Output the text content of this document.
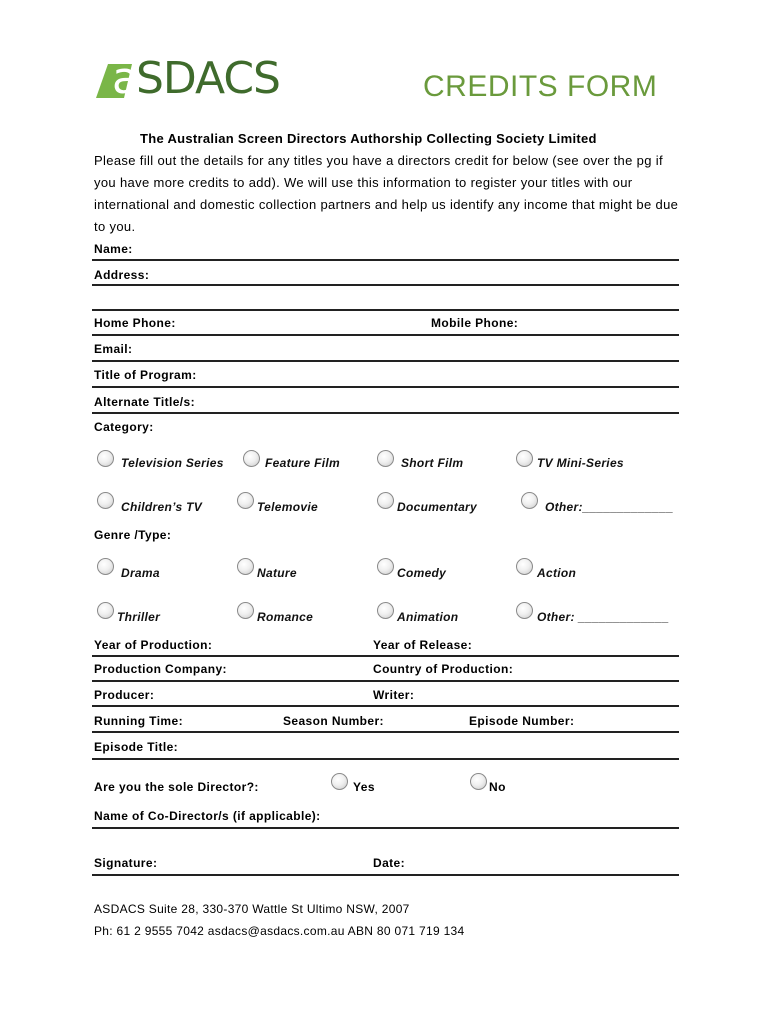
aSDACS	CREDITS FORM
The Australian Screen Directors Authorship Collecting Society Limited
Please fill out the details for any titles you have a directors credit for below (see over the pg if you have more credits to add). We will use this information to register your titles with our international and domestic collection partners and help us identify any income that might be due to you.
Name:
Address:
Home Phone:	Mobile Phone:
Email:
Title of Program:
Alternate Title/s:
Category:
Television Series	Feature Film	Short Film	TV Mini-Series
Children’s TV	Telemovie	Documentary	Other:_____________
Genre /Type:
Drama	Nature	Comedy	Action
Thriller	Romance	Animation	Other: _____________
Year of Production:	Year of Release:
Production Company:	Country of Production:
Producer:	Writer:
Running Time:	Season Number:	Episode Number:
Episode Title:
Are you the sole Director?:	Yes	No
Name of Co-Director/s (if applicable):
Signature:	Date:
ASDACS Suite 28, 330-370 Wattle St Ultimo NSW, 2007
Ph: 61 2 9555 7042 asdacs@asdacs.com.au ABN 80 071 719 134
